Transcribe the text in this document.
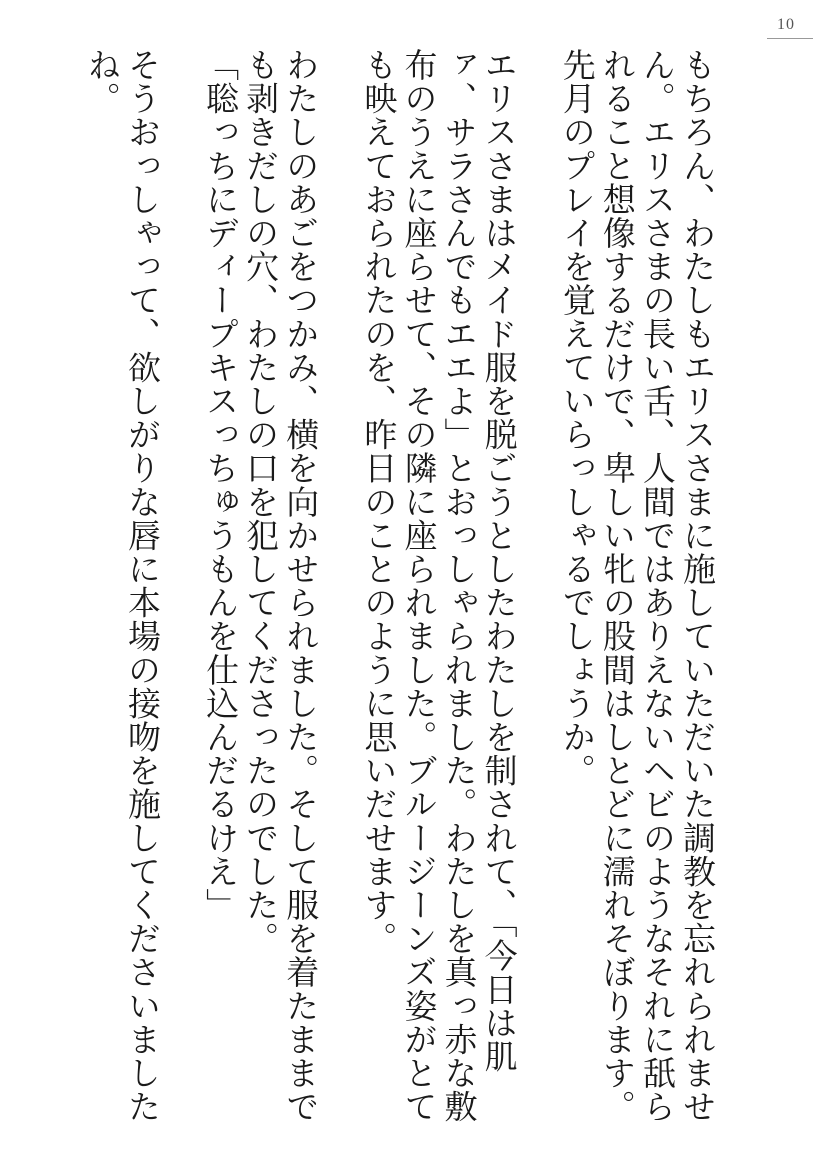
10

もちろん、わたしもエリスさまに施していただいた調教を忘れられません。エリスさまの長い舌、人間ではありえないヘビのようなそれに舐られること想像するだけで、卑しい牝の股間はしとどに濡れそぼります。

先月のプレイを覚えていらっしゃるでしょうか。

エリスさまはメイド服を脱ごうとしたわたしを制されて、「今日は肌ァ、サラさんでもエエよ」とおっしゃられました。わたしを真っ赤な敷布のうえに座らせて、その隣に座られました。ブルージーンズ姿がとても映えておられたのを、昨日のことのように思いだせます。

わたしのあごをつかみ、横を向かせられました。そして服を着たままでも剥きだしの穴、わたしの口を犯してくださったのでした。

「聡っちにディープキスっちゅうもんを仕込んだるけえ」

そうおっしゃって、欲しがりな唇に本場の接吻を施してくださいましたね。
